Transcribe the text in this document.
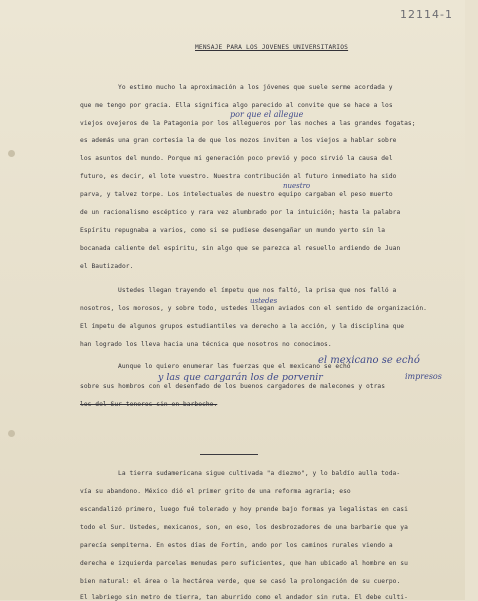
12114-1
MENSAJE PARA LOS JOVENES UNIVERSITARIOS
Yo estimo mucho la aproximación a los jóvenes que suele serme acordada y
que me tengo por gracia. Ella significa algo parecido al convite que se hace a los
viejos ovejeros de la Patagonia por los allegueros por las noches a las grandes fogatas;
es además una gran cortesía la de que los mozos inviten a los viejos a hablar sobre
los asuntos del mundo. Porque mi generación poco previó y poco sirvió la causa del
futuro, es decir, el lote vuestro. Nuestra contribución al futuro inmediato ha sido
parva, y talvez torpe. Los intelectuales de nuestro equipo cargaban el peso muerto
de un racionalismo escéptico y rara vez alumbrado por la intuición; hasta la palabra
Espíritu repugnaba a varios, como si se pudiese desengañar un mundo yerto sin la
bocanada caliente del espíritu, sin algo que se parezca al resuello ardiendo de Juan
el Bautizador.
Ustedes llegan trayendo el ímpetu que nos faltó, la prisa que nos falló a
nosotros, los morosos, y sobre todo, ustedes llegan aviados con el sentido de organización.
El ímpetu de algunos grupos estudiantiles va derecho a la acción, y la disciplina que
han logrado los lleva hacia una técnica que nosotros no conocimos.
Aunque lo quiero enumerar las fuerzas que el mexicano se echó
sobre sus hombros con el desenfado de los buenos cargadores de malecones y otras
los del Sur teneros sin en barbecho.
La tierra sudamericana sigue cultivada "a diezmo", y lo baldío aulla toda-
vía su abandono. México dió el primer grito de una reforma agraria; eso
escandalizó primero, luego fué tolerado y hoy prende bajo formas ya legalistas en casi
todo el Sur. Ustedes, mexicanos, son, en eso, los desbrozadores de una barbarie que ya
parecía sempiterna. En estos días de Fortín, ando por los caminos rurales viendo a
derecha e izquierda parcelas menudas pero suficientes, que han ubicado al hombre en su
bien natural: el área o la hectárea verde, que se casó la prolongación de su cuerpo.
El labriego sin metro de tierra, tan aburrido como el andador sin ruta. El debe culti-
por que el allegue
nuestro
ustedes
el mexicano se echó
y las que cargarán los de porvenir	impresos
